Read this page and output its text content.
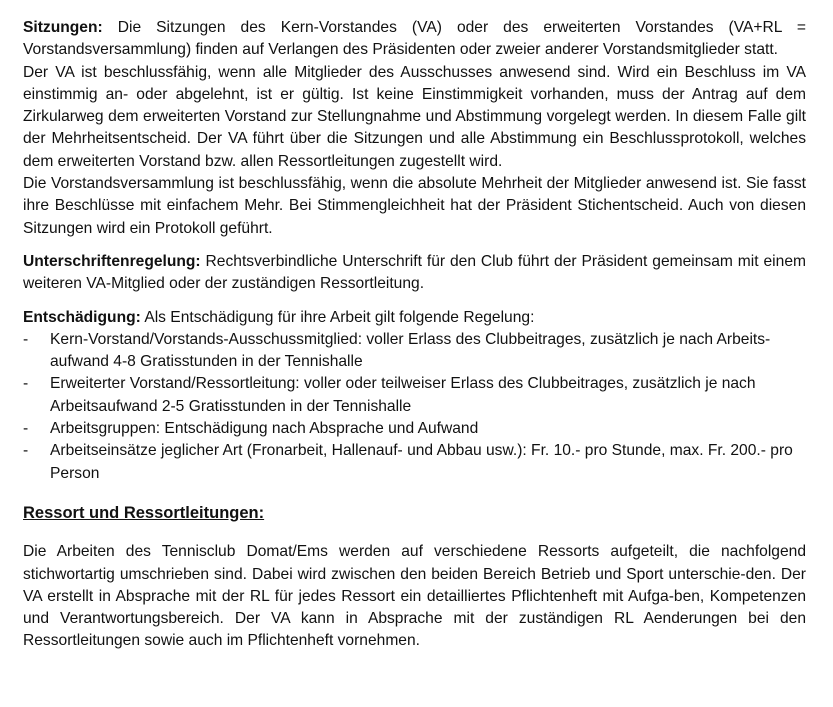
Sitzungen: Die Sitzungen des Kern-Vorstandes (VA) oder des erweiterten Vorstandes (VA+RL = Vorstandsversammlung) finden auf Verlangen des Präsidenten oder zweier anderer Vorstandsmitglieder statt.

Der VA ist beschlussfähig, wenn alle Mitglieder des Ausschusses anwesend sind. Wird ein Beschluss im VA einstimmig an- oder abgelehnt, ist er gültig. Ist keine Einstimmigkeit vorhanden, muss der Antrag auf dem Zirkularweg dem erweiterten Vorstand zur Stellungnahme und Abstimmung vorgelegt werden. In diesem Falle gilt der Mehrheitsentscheid. Der VA führt über die Sitzungen und alle Abstimmung ein Beschlussprotokoll, welches dem erweiterten Vorstand bzw. allen Ressortleitungen zugestellt wird.

Die Vorstandsversammlung ist beschlussfähig, wenn die absolute Mehrheit der Mitglieder anwesend ist. Sie fasst ihre Beschlüsse mit einfachem Mehr. Bei Stimmengleichheit hat der Präsident Stichentscheid. Auch von diesen Sitzungen wird ein Protokoll geführt.

Unterschriftenregelung: Rechtsverbindliche Unterschrift für den Club führt der Präsident gemeinsam mit einem weiteren VA-Mitglied oder der zuständigen Ressortleitung.

Entschädigung: Als Entschädigung für ihre Arbeit gilt folgende Regelung:

-	Kern-Vorstand/Vorstands-Ausschussmitglied: voller Erlass des Clubbeitrages, zusätzlich je nach Arbeits-aufwand 4-8 Gratisstunden in der Tennishalle
-	Erweiterter Vorstand/Ressortleitung: voller oder teilweiser Erlass des Clubbeitrages, zusätzlich je nach Arbeitsaufwand 2-5 Gratisstunden in der Tennishalle
-	Arbeitsgruppen: Entschädigung nach Absprache und Aufwand
-	Arbeitseinsätze jeglicher Art (Fronarbeit, Hallenauf- und Abbau usw.): Fr. 10.- pro Stunde, max. Fr. 200.- pro Person

Ressort und Ressortleitungen:

Die Arbeiten des Tennisclub Domat/Ems werden auf verschiedene Ressorts aufgeteilt, die nachfolgend stichwortartig umschrieben sind. Dabei wird zwischen den beiden Bereich Betrieb und Sport unterschie-den. Der VA erstellt in Absprache mit der RL für jedes Ressort ein detailliertes Pflichtenheft mit Aufga-ben, Kompetenzen und Verantwortungsbereich. Der VA kann in Absprache mit der zuständigen RL Aenderungen bei den Ressortleitungen sowie auch im Pflichtenheft vornehmen.
